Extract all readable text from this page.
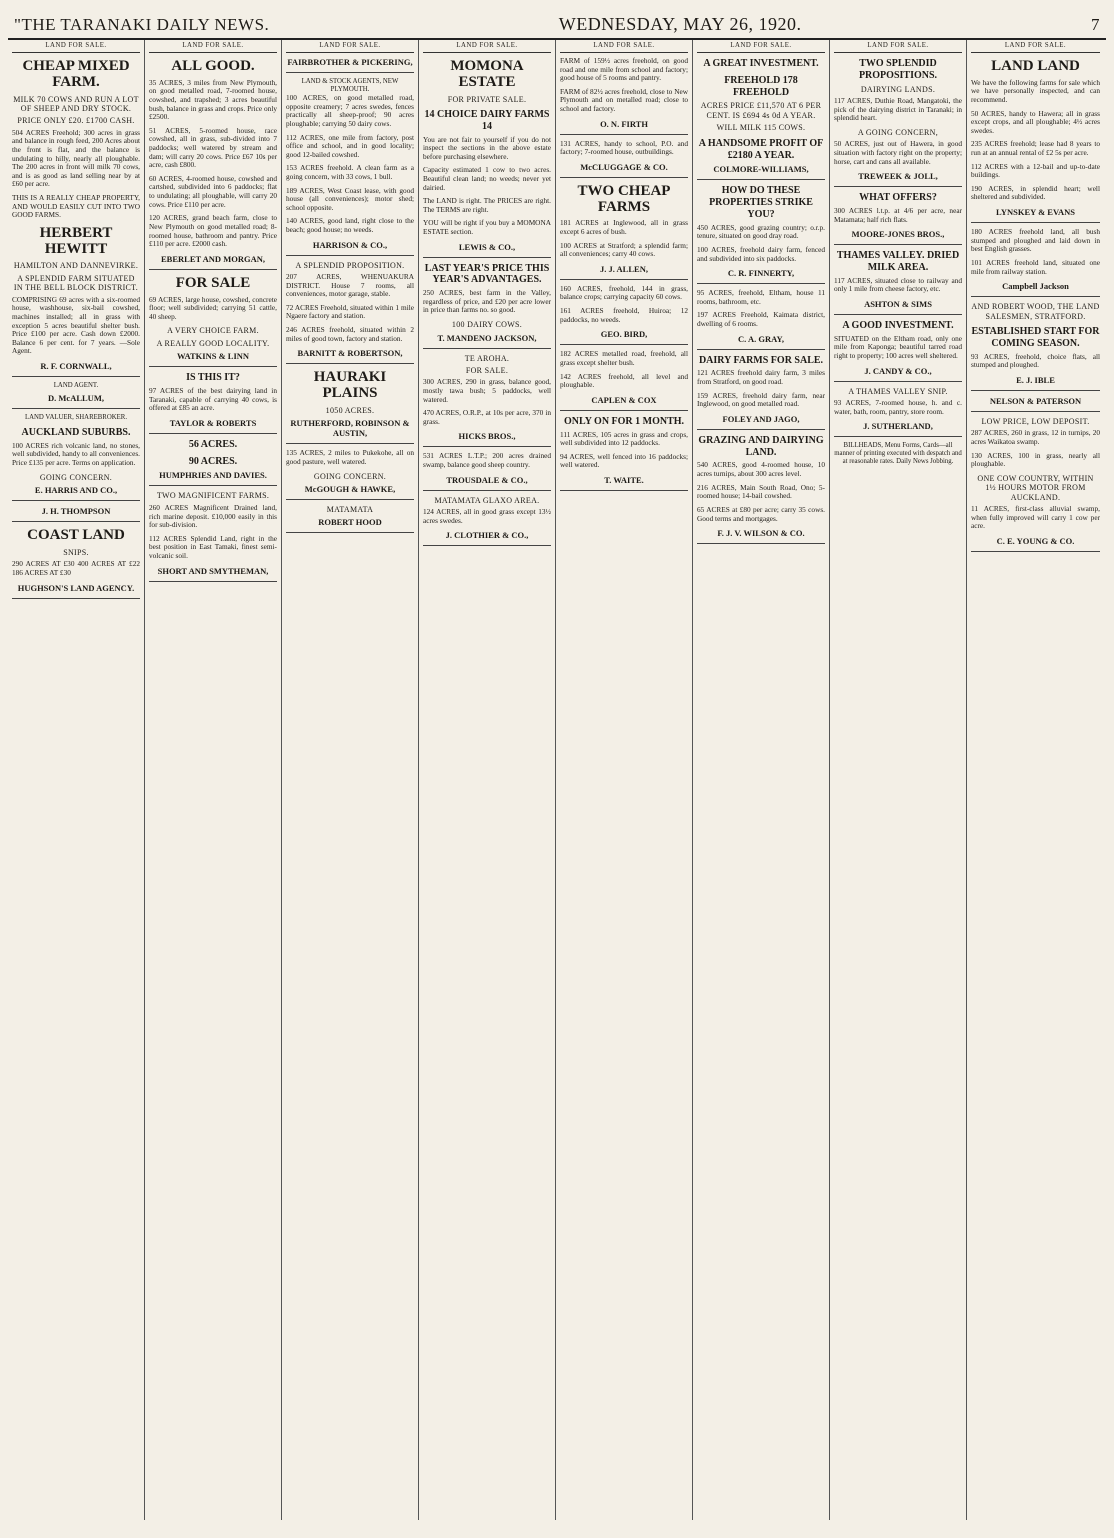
"THE TARANAKI DAILY NEWS.	WEDNESDAY, MAY 26, 1920.	7
LAND FOR SALE.
CHEAP MIXED FARM.
MILK 70 COWS AND RUN A LOT OF SHEEP AND DRY STOCK.
PRICE ONLY £20. £1700 CASH.

504 ACRES Freehold; 300 acres in grass and balance in rough feed, 200 Acres about the front is flat, and the balance is undulating to hilly, nearly all ploughable. The 200 acres in front will milk 70 cows, and is as good as land selling near by at £60 per acre.

THIS IS A REALLY CHEAP PROPERTY, AND WOULD EASILY CUT INTO TWO GOOD FARMS.

HERBERT HEWITT
HAMILTON AND DANNEVIRKE.
A SPLENDID FARM SITUATED IN THE BELL BLOCK DISTRICT.

COMPRISING 69 acres with a six-roomed house, washhouse, six-bail cowshed, machines installed; all in grass with exception 5 acres beautiful shelter bush. Price £100 per acre. Cash down £2000. Balance 6 per cent. for 7 years. —Sole Agent.

R. F. CORNWALL,
LAND AGENT.
D. McALLUM,
LAND VALUER, SHAREBROKER.
AUCKLAND SUBURBS.

100 ACRES rich volcanic land, no stones, well subdivided, handy to all conveniences. Price £135 per acre. Terms on application.

GOING CONCERN.
E. HARRIS AND CO.,
J. H. THOMPSON
COAST LAND
SNIPS.

290 ACRES AT £30 400 ACRES AT £22 186 ACRES AT £30

HUGHSON'S LAND AGENCY.
LAND FOR SALE.
ALL GOOD.

35 ACRES, 3 miles from New Plymouth, on good metalled road, 7-roomed house, cowshed, and trapshed; 3 acres beautiful bush, balance in grass and crops. Price only £2500.

51 ACRES, 5-roomed house, race cowshed, all in grass, sub-divided into 7 paddocks; well watered by stream and dam; will carry 20 cows. Price £67 10s per acre, cash £800.

60 ACRES, 4-roomed house, cowshed and cartshed, subdivided into 6 paddocks; flat to undulating; all ploughable, will carry 20 cows. Price £110 per acre.

120 ACRES, grand beach farm, close to New Plymouth on good metalled road; 8-roomed house, bathroom and pantry. Price £110 per acre. £2000 cash.

EBERLET AND MORGAN,
FOR SALE

69 ACRES, large house, cowshed, concrete floor; well subdivided; carrying 51 cattle, 40 sheep.

A VERY CHOICE FARM.
A REALLY GOOD LOCALITY.
WATKINS & LINN
IS THIS IT?

97 ACRES of the best dairying land in Taranaki, capable of carrying 40 cows, is offered at £85 an acre.

TAYLOR & ROBERTS
56 ACRES.
90 ACRES.
HUMPHRIES AND DAVIES.
TWO MAGNIFICENT FARMS.

260 ACRES Magnificent Drained land, rich marine deposit. £10,000 easily in this for sub-division.

112 ACRES Splendid Land, right in the best position in East Tamaki, finest semi-volcanic soil.

SHORT AND SMYTHEMAN,
LAND FOR SALE.
FAIRBROTHER & PICKERING,
LAND & STOCK AGENTS, NEW PLYMOUTH.

100 ACRES, on good metalled road, opposite creamery; 7 acres swedes, fences practically all sheep-proof; 90 acres ploughable; carrying 50 dairy cows.

112 ACRES, one mile from factory, post office and school, and in good locality; good 12-bailed cowshed.

153 ACRES freehold. A clean farm as a going concern, with 33 cows, 1 bull.

189 ACRES, West Coast lease, with good house (all conveniences); motor shed; school opposite.

140 ACRES, good land, right close to the beach; good house; no weeds.

HARRISON & CO.,
A SPLENDID PROPOSITION.

207 ACRES, WHENUAKURA DISTRICT. House 7 rooms, all conveniences, motor garage, stable.

72 ACRES Freehold, situated within 1 mile Ngaere factory and station.

246 ACRES freehold, situated within 2 miles of good town, factory and station.

BARNITT & ROBERTSON,
HAURAKI PLAINS
1050 ACRES.
RUTHERFORD, ROBINSON & AUSTIN,

135 ACRES, 2 miles to Pukekohe, all on good pasture, well watered.

GOING CONCERN.
McGOUGH & HAWKE,
MATAMATA
ROBERT HOOD
LAND FOR SALE.
MOMONA ESTATE
FOR PRIVATE SALE.
14 CHOICE DAIRY FARMS 14

You are not fair to yourself if you do not inspect the sections in the above estate before purchasing elsewhere.

Capacity estimated 1 cow to two acres. Beautiful clean land; no weeds; never yet dairied.

The LAND is right. The PRICES are right. The TERMS are right.

YOU will be right if you buy a MOMONA ESTATE section.

LEWIS & CO.,
LAST YEAR'S PRICE THIS YEAR'S ADVANTAGES.

250 ACRES, best farm in the Valley, regardless of price, and £20 per acre lower in price than farms no. so good.

100 DAIRY COWS.
T. MANDENO JACKSON,
TE AROHA.
FOR SALE.

300 ACRES, 290 in grass, balance good, mostly tawa bush; 5 paddocks, well watered.

470 ACRES, O.R.P., at 10s per acre, 370 in grass.

HICKS BROS.,

531 ACRES L.T.P.; 200 acres drained swamp, balance good sheep country.

TROUSDALE & CO.,
MATAMATA GLAXO AREA.

124 ACRES, all in good grass except 13½ acres swedes.

J. CLOTHIER & CO.,
LAND FOR SALE.

FARM of 159½ acres freehold, on good road and one mile from school and factory; good house of 5 rooms and pantry.

FARM of 82½ acres freehold, close to New Plymouth and on metalled road; close to school and factory.

O. N. FIRTH

131 ACRES, handy to school, P.O. and factory; 7-roomed house, outbuildings.

McCLUGGAGE & CO.
TWO CHEAP FARMS

181 ACRES at Inglewood, all in grass except 6 acres of bush.

100 ACRES at Stratford; a splendid farm; all conveniences; carry 40 cows.

J. J. ALLEN,

160 ACRES, freehold, 144 in grass, balance crops; carrying capacity 60 cows.

161 ACRES freehold, Huiroa; 12 paddocks, no weeds.

GEO. BIRD,

182 ACRES metalled road, freehold, all grass except shelter bush.

142 ACRES freehold, all level and ploughable.

CAPLEN & COX
ONLY ON FOR 1 MONTH.

111 ACRES, 105 acres in grass and crops, well subdivided into 12 paddocks.

94 ACRES, well fenced into 16 paddocks; well watered.

T. WAITE.
LAND FOR SALE.
A GREAT INVESTMENT.
FREEHOLD 178 FREEHOLD
ACRES PRICE £11,570 AT 6 PER CENT. IS £694 4s 0d A YEAR.
WILL MILK 115 COWS.
A HANDSOME PROFIT OF £2180 A YEAR.
COLMORE-WILLIAMS,
HOW DO THESE PROPERTIES STRIKE YOU?

450 ACRES, good grazing country; o.r.p. tenure, situated on good dray road.

100 ACRES, freehold dairy farm, fenced and subdivided into six paddocks.

C. R. FINNERTY,

95 ACRES, freehold, Eltham, house 11 rooms, bathroom, etc.

197 ACRES Freehold, Kaimata district, dwelling of 6 rooms.

C. A. GRAY,
DAIRY FARMS FOR SALE.

121 ACRES freehold dairy farm, 3 miles from Stratford, on good road.

159 ACRES, freehold dairy farm, near Inglewood, on good metalled road.

FOLEY AND JAGO,
GRAZING AND DAIRYING LAND.

540 ACRES, good 4-roomed house, 10 acres turnips, about 300 acres level.

216 ACRES, Main South Road, Ono; 5-roomed house; 14-bail cowshed.

65 ACRES at £80 per acre; carry 35 cows. Good terms and mortgages.

F. J. V. WILSON & CO.
LAND FOR SALE.
TWO SPLENDID PROPOSITIONS.
DAIRYING LANDS.

117 ACRES, Duthie Road, Mangatoki, the pick of the dairying district in Taranaki; in splendid heart.

A GOING CONCERN,

50 ACRES, just out of Hawera, in good situation with factory right on the property; horse, cart and cans all available.

TREWEEK & JOLL,
WHAT OFFERS?

300 ACRES l.t.p. at 4/6 per acre, near Matamata; half rich flats.

MOORE-JONES BROS.,
THAMES VALLEY. DRIED MILK AREA.

117 ACRES, situated close to railway and only 1 mile from cheese factory, etc.

ASHTON & SIMS
A GOOD INVESTMENT.

SITUATED on the Eltham road, only one mile from Kaponga; beautiful tarred road right to property; 100 acres well sheltered.

J. CANDY & CO.,
A THAMES VALLEY SNIP.

93 ACRES, 7-roomed house, h. and c. water, bath, room, pantry, store room.

J. SUTHERLAND,
BILLHEADS, Menu Forms, Cards—all manner of printing executed with despatch and at reasonable rates. Daily News Jobbing.
LAND FOR SALE.
LAND LAND

We have the following farms for sale which we have personally inspected, and can recommend.

50 ACRES, handy to Hawera; all in grass except crops, and all ploughable; 4½ acres swedes.

235 ACRES freehold; lease had 8 years to run at an annual rental of £2 5s per acre.

112 ACRES with a 12-bail and up-to-date buildings.

190 ACRES, in splendid heart; well sheltered and subdivided.

LYNSKEY & EVANS

180 ACRES freehold land, all bush stumped and ploughed and laid down in best English grasses.

101 ACRES freehold land, situated one mile from railway station.

Campbell Jackson
AND ROBERT WOOD, THE LAND SALESMEN, STRATFORD.
ESTABLISHED START FOR COMING SEASON.

93 ACRES, freehold, choice flats, all stumped and ploughed.

E. J. IBLE
NELSON & PATERSON
LOW PRICE, LOW DEPOSIT.

287 ACRES, 260 in grass, 12 in turnips, 20 acres Waikatoa swamp.

130 ACRES, 100 in grass, nearly all ploughable.

ONE COW COUNTRY, WITHIN 1½ HOURS MOTOR FROM AUCKLAND.

11 ACRES, first-class alluvial swamp, when fully improved will carry 1 cow per acre.

C. E. YOUNG & CO.
